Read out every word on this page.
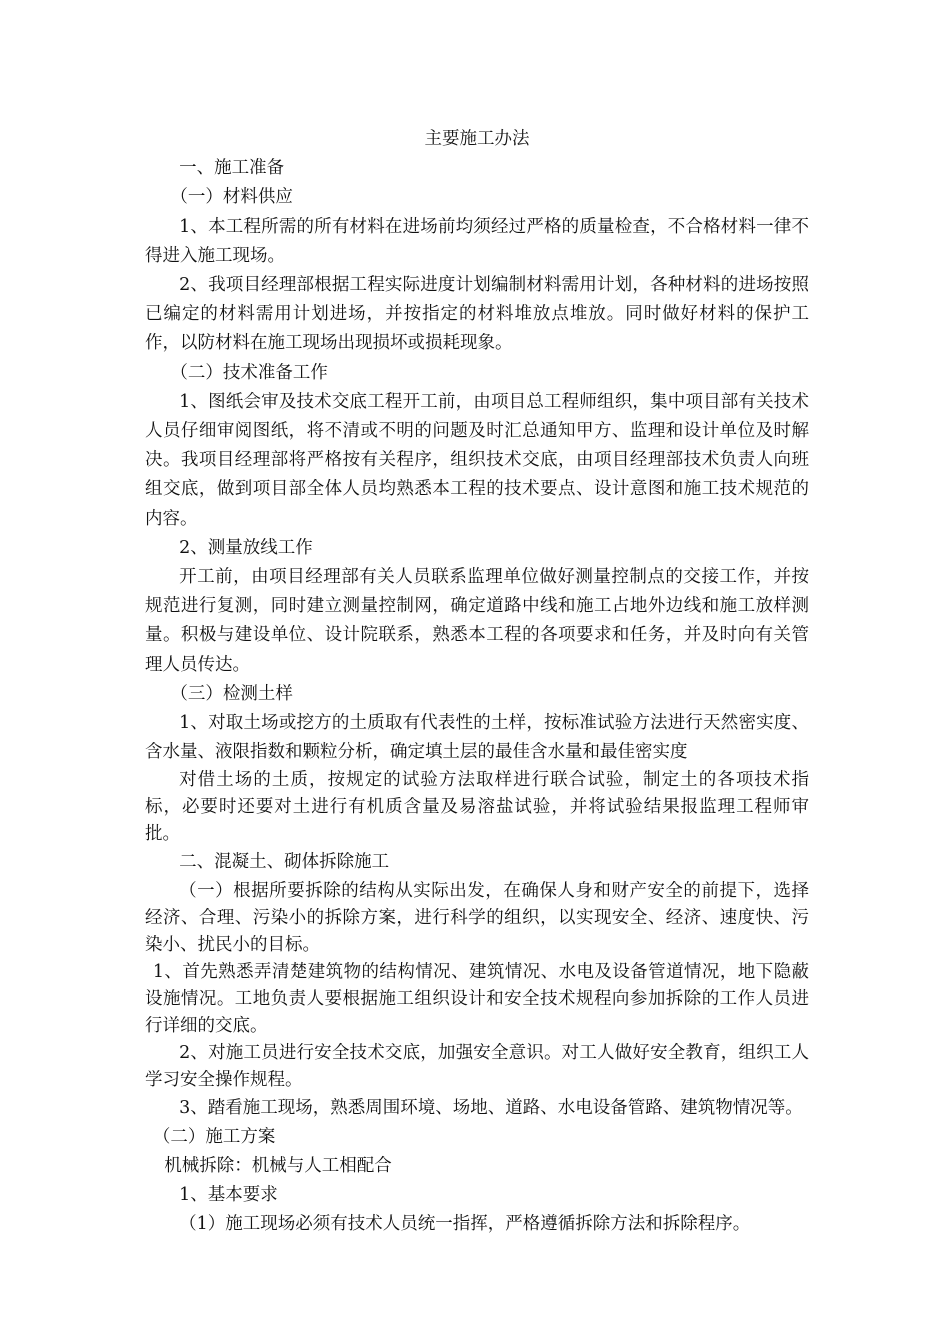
主要施工办法

一、施工准备

（一）材料供应

1、本工程所需的所有材料在进场前均须经过严格的质量检查，不合格材料一律不得进入施工现场。

2、我项目经理部根据工程实际进度计划编制材料需用计划，各种材料的进场按照已编定的材料需用计划进场，并按指定的材料堆放点堆放。同时做好材料的保护工作，以防材料在施工现场出现损坏或损耗现象。

（二）技术准备工作

1、图纸会审及技术交底工程开工前，由项目总工程师组织，集中项目部有关技术人员仔细审阅图纸，将不清或不明的问题及时汇总通知甲方、监理和设计单位及时解决。我项目经理部将严格按有关程序，组织技术交底，由项目经理部技术负责人向班组交底，做到项目部全体人员均熟悉本工程的技术要点、设计意图和施工技术规范的内容。

2、测量放线工作

开工前，由项目经理部有关人员联系监理单位做好测量控制点的交接工作，并按规范进行复测，同时建立测量控制网，确定道路中线和施工占地外边线和施工放样测量。积极与建设单位、设计院联系，熟悉本工程的各项要求和任务，并及时向有关管理人员传达。

（三）检测土样

1、对取土场或挖方的土质取有代表性的土样，按标准试验方法进行天然密实度、含水量、液限指数和颗粒分析，确定填土层的最佳含水量和最佳密实度

对借土场的土质，按规定的试验方法取样进行联合试验，制定土的各项技术指标，必要时还要对土进行有机质含量及易溶盐试验，并将试验结果报监理工程师审批。

二、混凝土、砌体拆除施工

（一）根据所要拆除的结构从实际出发，在确保人身和财产安全的前提下，选择经济、合理、污染小的拆除方案，进行科学的组织，以实现安全、经济、速度快、污染小、扰民小的目标。

1、首先熟悉弄清楚建筑物的结构情况、建筑情况、水电及设备管道情况，地下隐蔽设施情况。工地负责人要根据施工组织设计和安全技术规程向参加拆除的工作人员进行详细的交底。

2、对施工员进行安全技术交底，加强安全意识。对工人做好安全教育，组织工人学习安全操作规程。

3、踏看施工现场，熟悉周围环境、场地、道路、水电设备管路、建筑物情况等。

（二）施工方案

机械拆除：机械与人工相配合

1、基本要求

（1）施工现场必须有技术人员统一指挥，严格遵循拆除方法和拆除程序。
